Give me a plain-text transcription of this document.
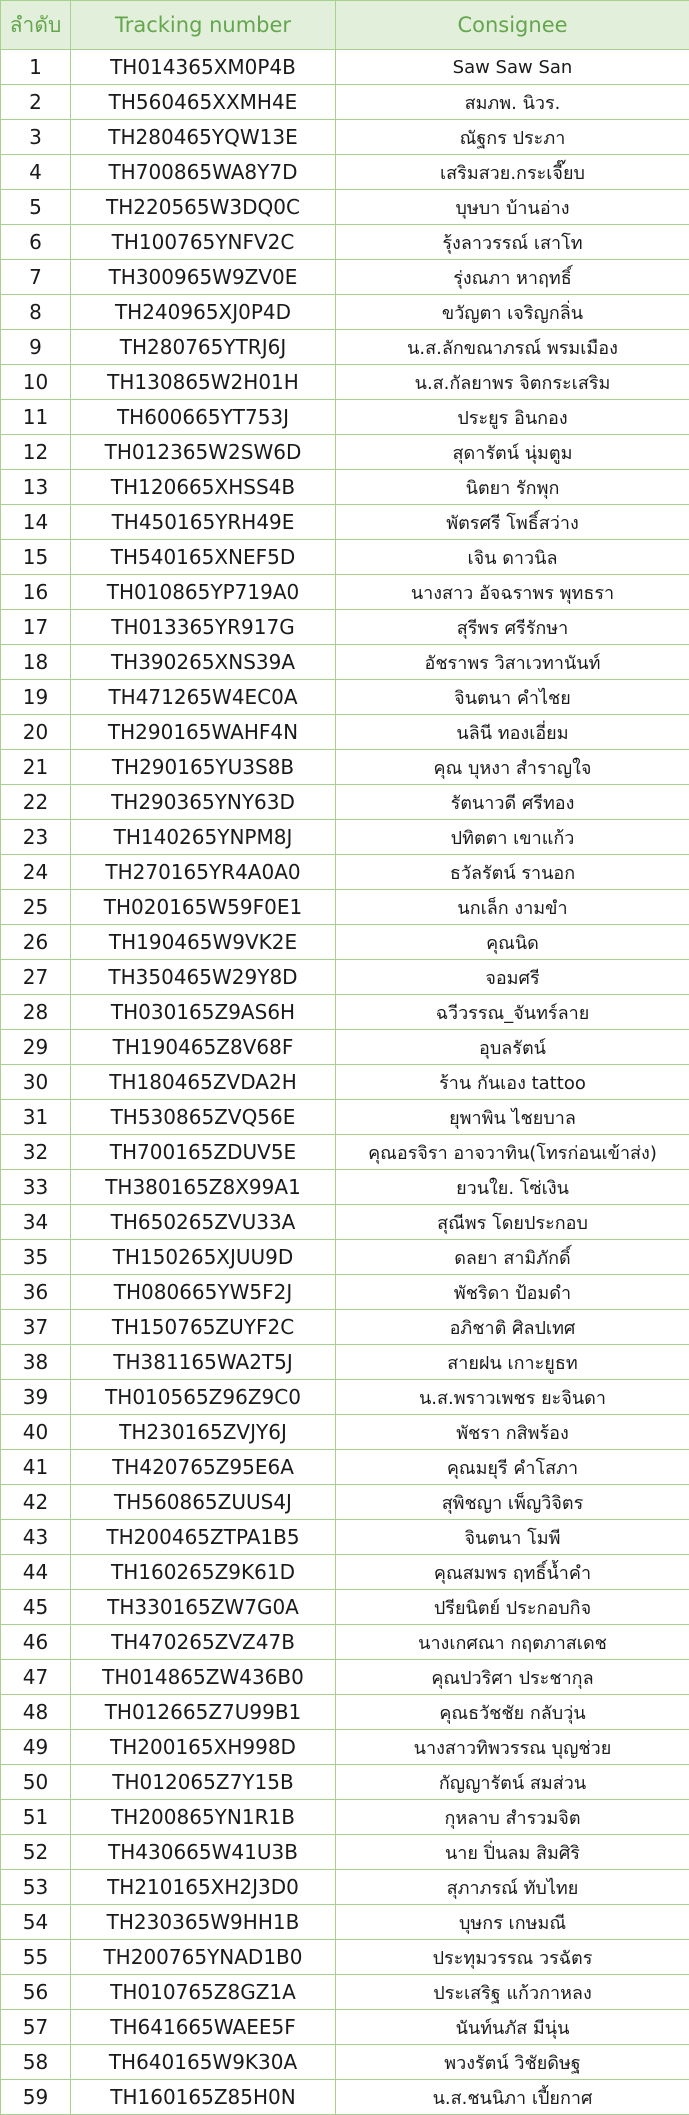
ลำดับ	Tracking number	Consignee
1	TH014365XM0P4B	Saw Saw San
2	TH560465XXMH4E	สมภพ. นิวร.
3	TH280465YQW13E	ณัฐกร ประภา
4	TH700865WA8Y7D	เสริมสวย.กระเจี๊ยบ
5	TH220565W3DQ0C	บุษบา บ้านอ่าง
6	TH100765YNFV2C	รุ้งลาวรรณ์ เสาโท
7	TH300965W9ZV0E	รุ่งณภา หาฤทธิ์
8	TH240965XJ0P4D	ขวัญตา เจริญกลิ่น
9	TH280765YTRJ6J	น.ส.ลักขณาภรณ์ พรมเมือง
10	TH130865W2H01H	น.ส.กัลยาพร จิตกระเสริม
11	TH600665YT753J	ประยูร อินกอง
12	TH012365W2SW6D	สุดารัตน์ นุ่มตูม
13	TH120665XHSS4B	นิตยา รักพุก
14	TH450165YRH49E	พัตรศรี โพธิ์สว่าง
15	TH540165XNEF5D	เจิน ดาวนิล
16	TH010865YP719A0	นางสาว อัจฉราพร พุทธรา
17	TH013365YR917G	สุรีพร ศรีรักษา
18	TH390265XNS39A	อัชราพร วิสาเวทานันท์
19	TH471265W4EC0A	จินตนา คำไชย
20	TH290165WAHF4N	นลินี ทองเอี่ยม
21	TH290165YU3S8B	คุณ บุหงา สำราญใจ
22	TH290365YNY63D	รัตนาวดี ศรีทอง
23	TH140265YNPM8J	ปทิตตา เขาแก้ว
24	TH270165YR4A0A0	ธวัลรัตน์ รานอก
25	TH020165W59F0E1	นกเล็ก งามขำ
26	TH190465W9VK2E	คุณนิด
27	TH350465W29Y8D	จอมศรี
28	TH030165Z9AS6H	ฉวีวรรณ_จันทร์ลาย
29	TH190465Z8V68F	อุบลรัตน์
30	TH180465ZVDA2H	ร้าน กันเอง tattoo
31	TH530865ZVQ56E	ยุพาพิน ไชยบาล
32	TH700165ZDUV5E	คุณอรจิรา อาจวาทิน(โทรก่อนเข้าส่ง)
33	TH380165Z8X99A1	ยวนใย. โซ่เงิน
34	TH650265ZVU33A	สุณีพร โดยประกอบ
35	TH150265XJUU9D	ดลยา สามิภักดิ์
36	TH080665YW5F2J	พัชริดา ป้อมดำ
37	TH150765ZUYF2C	อภิชาติ ศิลปเทศ
38	TH381165WA2T5J	สายฝน เกาะยูธท
39	TH010565Z96Z9C0	น.ส.พราวเพชร ยะจินดา
40	TH230165ZVJY6J	พัชรา กสิพร้อง
41	TH420765Z95E6A	คุณมยุรี คำโสภา
42	TH560865ZUUS4J	สุพิชญา เพ็ญวิจิตร
43	TH200465ZTPA1B5	จินตนา โมพี
44	TH160265Z9K61D	คุณสมพร ฤทธิ์น้ำคำ
45	TH330165ZW7G0A	ปรียนิตย์ ประกอบกิจ
46	TH470265ZVZ47B	นางเกศณา กฤตภาสเดช
47	TH014865ZW436B0	คุณปวริศา ประชากุล
48	TH012665Z7U99B1	คุณธวัชชัย กลับวุ่น
49	TH200165XH998D	นางสาวทิพวรรณ บุญช่วย
50	TH012065Z7Y15B	กัญญารัตน์ สมส่วน
51	TH200865YN1R1B	กุหลาบ สำรวมจิต
52	TH430665W41U3B	นาย ปิ่นลม สิมศิริ
53	TH210165XH2J3D0	สุภาภรณ์ ทับไทย
54	TH230365W9HH1B	บุษกร เกษมณี
55	TH200765YNAD1B0	ประทุมวรรณ วรฉัตร
56	TH010765Z8GZ1A	ประเสริฐ แก้วกาหลง
57	TH641665WAEE5F	นันท์นภัส มีนุ่น
58	TH640165W9K30A	พวงรัตน์ วิชัยดิษฐ
59	TH160165Z85H0N	น.ส.ชนนิภา เปี้ยกาศ
